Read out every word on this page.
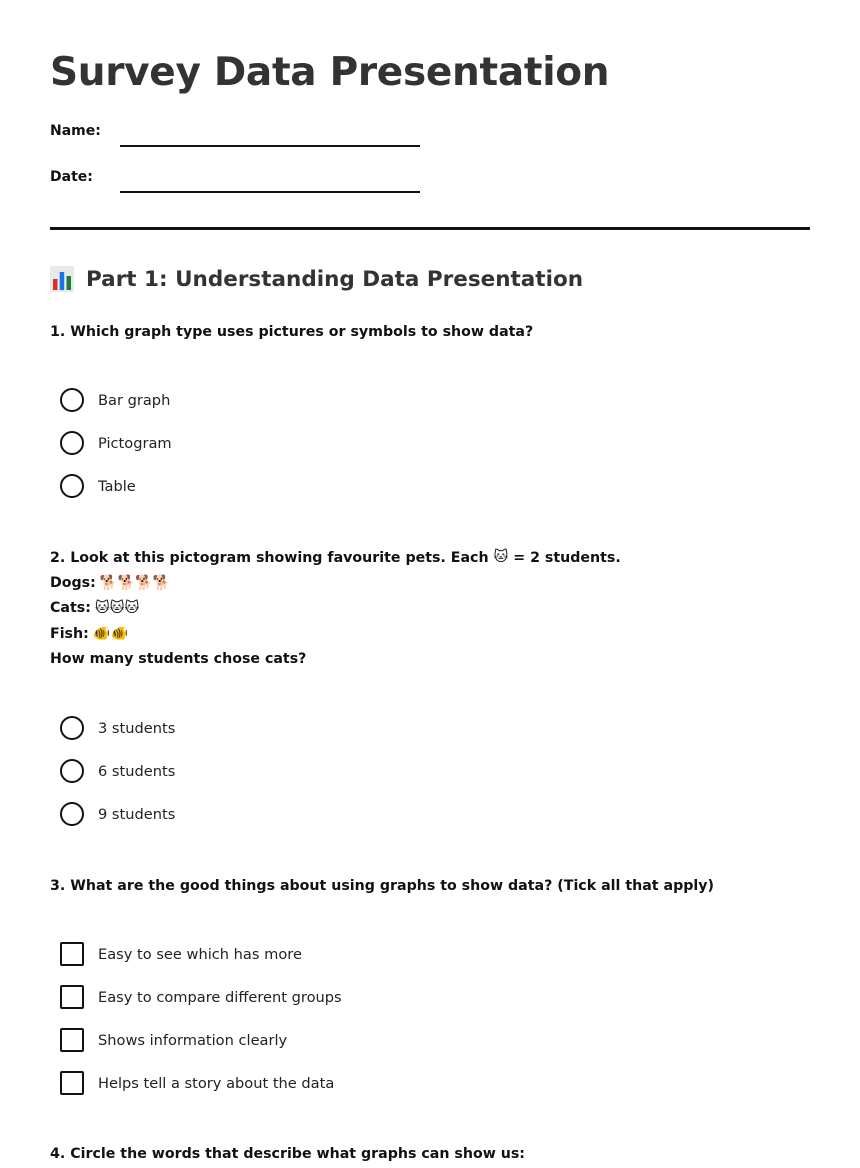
Survey Data Presentation
Name:
Date:
Part 1: Understanding Data Presentation
1. Which graph type uses pictures or symbols to show data?
Bar graph
Pictogram
Table
2. Look at this pictogram showing favourite pets. Each 🐱 = 2 students.
Dogs: 🐕🐕🐕🐕
Cats: 🐱🐱🐱
Fish: 🐠🐠
How many students chose cats?
3 students
6 students
9 students
3. What are the good things about using graphs to show data? (Tick all that apply)
Easy to see which has more
Easy to compare different groups
Shows information clearly
Helps tell a story about the data
4. Circle the words that describe what graphs can show us:
